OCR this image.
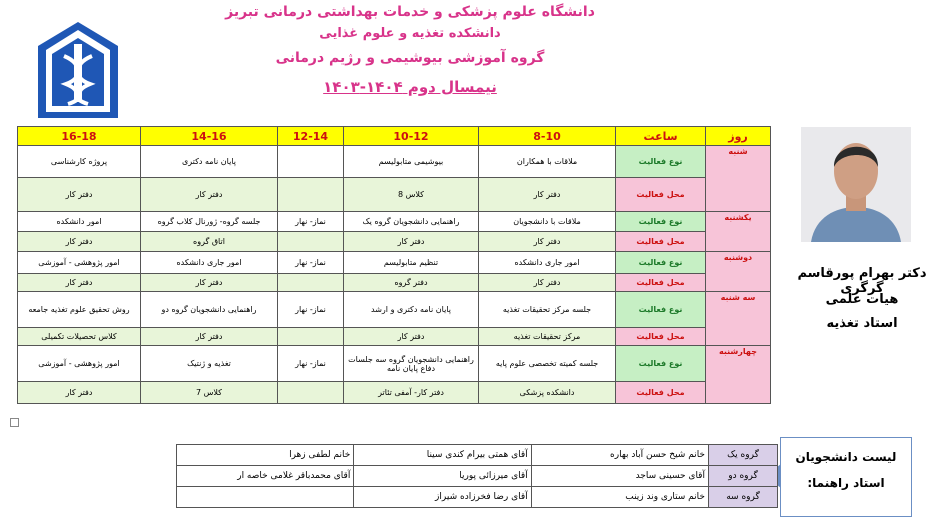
دانشگاه علوم پزشکی و خدمات بهداشتی درمانی تبریز
دانشکده تغذیه و علوم غذایی
گروه آموزشی بیوشیمی و رژیم درمانی
نیمسال دوم ۱۴۰۴-۱۴۰۳
دکتر بهرام پورقاسم گرگری
هیات علمی
استاد تغذیه
روز	ساعت	8-10	10-12	12-14	14-16	16-18
شنبه	نوع فعالیت	ملاقات با همکاران	بیوشیمی متابولیسم		پایان نامه دکتری	پروژه کارشناسی
	محل فعالیت	دفتر کار	کلاس 8		دفتر کار	دفتر کار
یکشنبه	نوع فعالیت	ملاقات با دانشجویان	راهنمایی دانشجویان گروه یک	نماز- نهار	جلسه گروه- ژورنال کلاب گروه	امور دانشکده
	محل فعالیت	دفتر کار	دفتر کار		اتاق گروه	دفتر کار
دوشنبه	نوع فعالیت	امور جاری دانشکده	تنظیم متابولیسم	نماز- نهار	امور جاری دانشکده	امور پژوهشی - آموزشی
	محل فعالیت	دفتر کار	دفتر گروه		دفتر کار	دفتر کار
سه شنبه	نوع فعالیت	جلسه مرکز تحقیقات تغذیه	پایان نامه دکتری و ارشد	نماز- نهار	راهنمایی دانشجویان گروه دو	روش تحقیق علوم تغذیه جامعه
	محل فعالیت	مرکز تحقیقات تغذیه	دفتر کار		دفتر کار	کلاس تحصیلات تکمیلی
چهارشنبه	نوع فعالیت	جلسه کمیته تخصصی علوم پایه	راهنمایی دانشجویان گروه سه جلسات دفاع پایان نامه	نماز- نهار	تغذیه و ژنتیک	امور پژوهشی - آموزشی
	محل فعالیت	دانشکده پزشکی	دفتر کار- آمفی تئاتر		کلاس 7	دفتر کار
لیست دانشجویان
استاد راهنما:
گروه یک	خانم شیخ حسن آباد بهاره	آقای همتی بیرام کندی سینا	خانم لطفی زهرا
گروه دو	آقای حسینی ساجد	آقای میرزائی پوریا	آقای محمدباقر غلامی خاصه ار
گروه سه	خانم ستاری وند زینب	آقای رضا فخرزاده شیراز	
